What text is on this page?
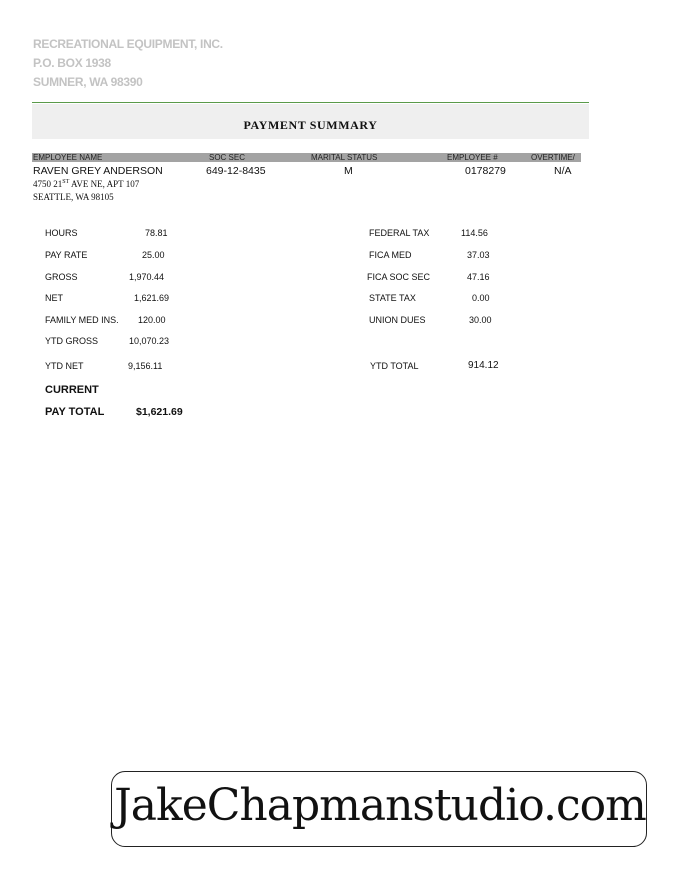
RECREATIONAL EQUIPMENT, INC.
P.O. BOX 1938
SUMNER, WA 98390
PAYMENT SUMMARY
EMPLOYEE NAME	SOC SEC	MARITAL STATUS	EMPLOYEE #	OVERTIME/
RAVEN GREY ANDERSON
4750 21ST AVE NE, APT 107
SEATTLE, WA 98105
649-12-8435	M	0178279	N/A
HOURS	78.81
PAY RATE	25.00
GROSS	1,970.44
NET	1,621.69
FAMILY MED INS. 120.00
YTD GROSS	10,070.23
YTD NET	9,156.11
FEDERAL TAX	114.56
FICA MED	37.03
FICA SOC SEC	47.16
STATE TAX	0.00
UNION DUES	30.00
YTD TOTAL	914.12
CURRENT
PAY TOTAL	$1,621.69
JakeChapmanstudio.com
